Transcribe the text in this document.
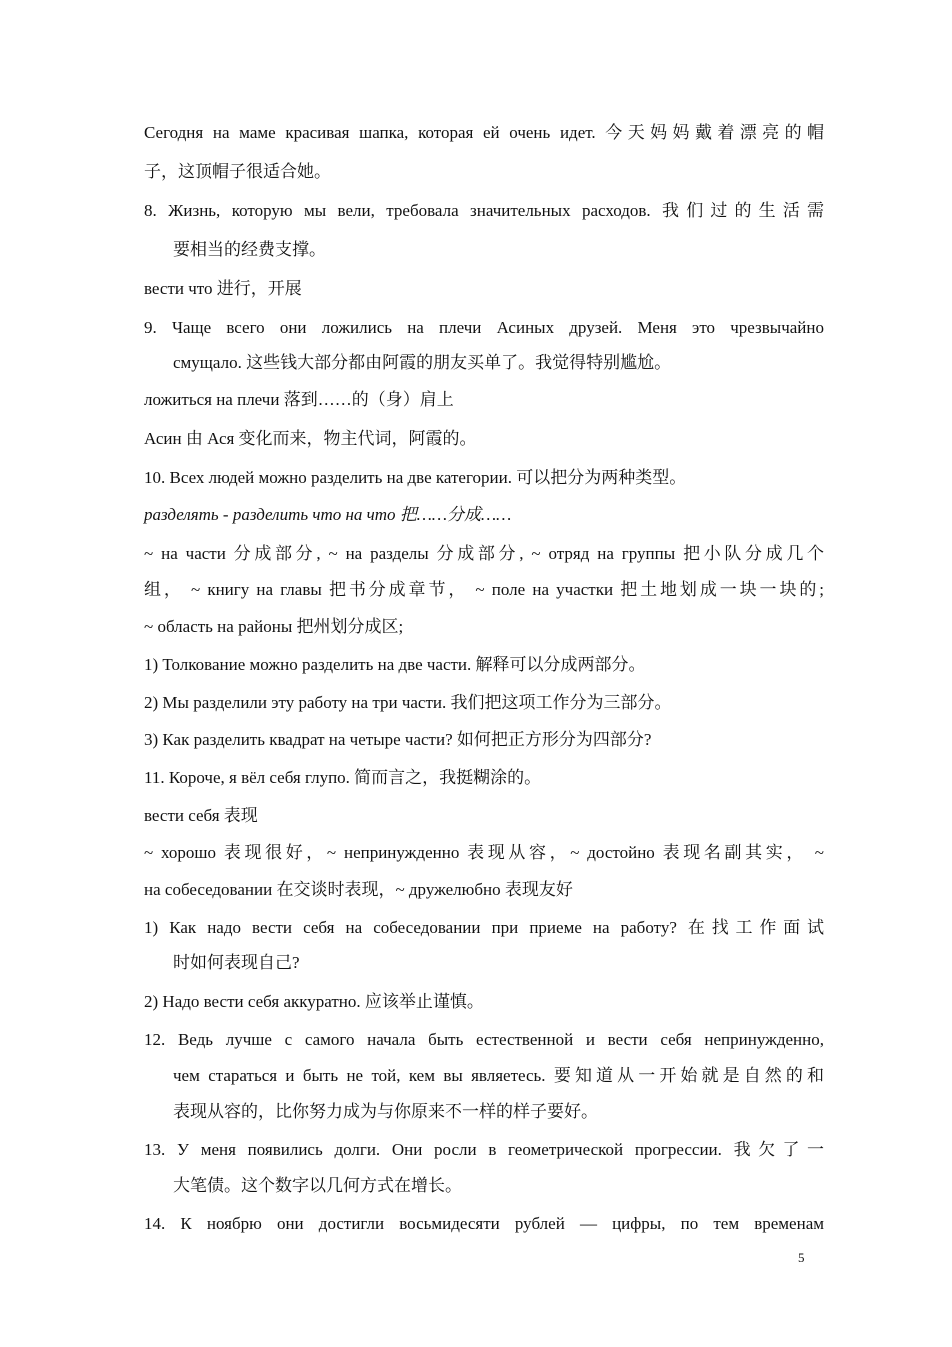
Сегодня на маме красивая шапка, которая ей очень идет. 今天妈妈戴着漂亮的帽
子，这顶帽子很适合她。
8. Жизнь, которую мы вели, требовала значительных расходов. 我们过的生活需
要相当的经费支撑。
вести что 进行，开展
9. Чаще всего они ложились на плечи Асиных друзей. Меня это чрезвычайно
смущало. 这些钱大部分都由阿霞的朋友买单了。我觉得特别尴尬。
ложиться на плечи 落到……的（身）肩上
Асин 由 Ася 变化而来，物主代词，阿霞的。
10. Всех людей можно разделить на две категории. 可以把分为两种类型。
разделять - разделить что на что 把……分成……
~ на части 分成部分, ~ на разделы 分成部分, ~ отряд на группы 把小队分成几个
组， ~ книгу на главы 把书分成章节， ~ поле на участки 把土地划成一块一块的;
~ область на районы 把州划分成区;
1) Толкование можно разделить на две части. 解释可以分成两部分。
2) Мы разделили эту работу на три части. 我们把这项工作分为三部分。
3) Как разделить квадрат на четыре части? 如何把正方形分为四部分?
11. Короче, я вёл себя глупо. 简而言之，我挺糊涂的。
вести себя 表现
~ хорошо 表现很好，~ непринужденно 表现从容，~ достойно 表现名副其实， ~
на собеседовании 在交谈时表现，~ дружелюбно 表现友好
1) Как надо вести себя на собеседовании при приеме на работу? 在找工作面试
时如何表现自己?
2) Надо вести себя аккуратно. 应该举止谨慎。
12. Ведь лучше с самого начала быть естественной и вести себя непринужденно,
чем стараться и быть не той, кем вы являетесь. 要知道从一开始就是自然的和
表现从容的，比你努力成为与你原来不一样的样子要好。
13. У меня появились долги. Они росли в геометрической прогрессии. 我欠了一
大笔债。这个数字以几何方式在增长。
14. К ноябрю они достигли восьмидесяти рублей — цифры, по тем временам
5
